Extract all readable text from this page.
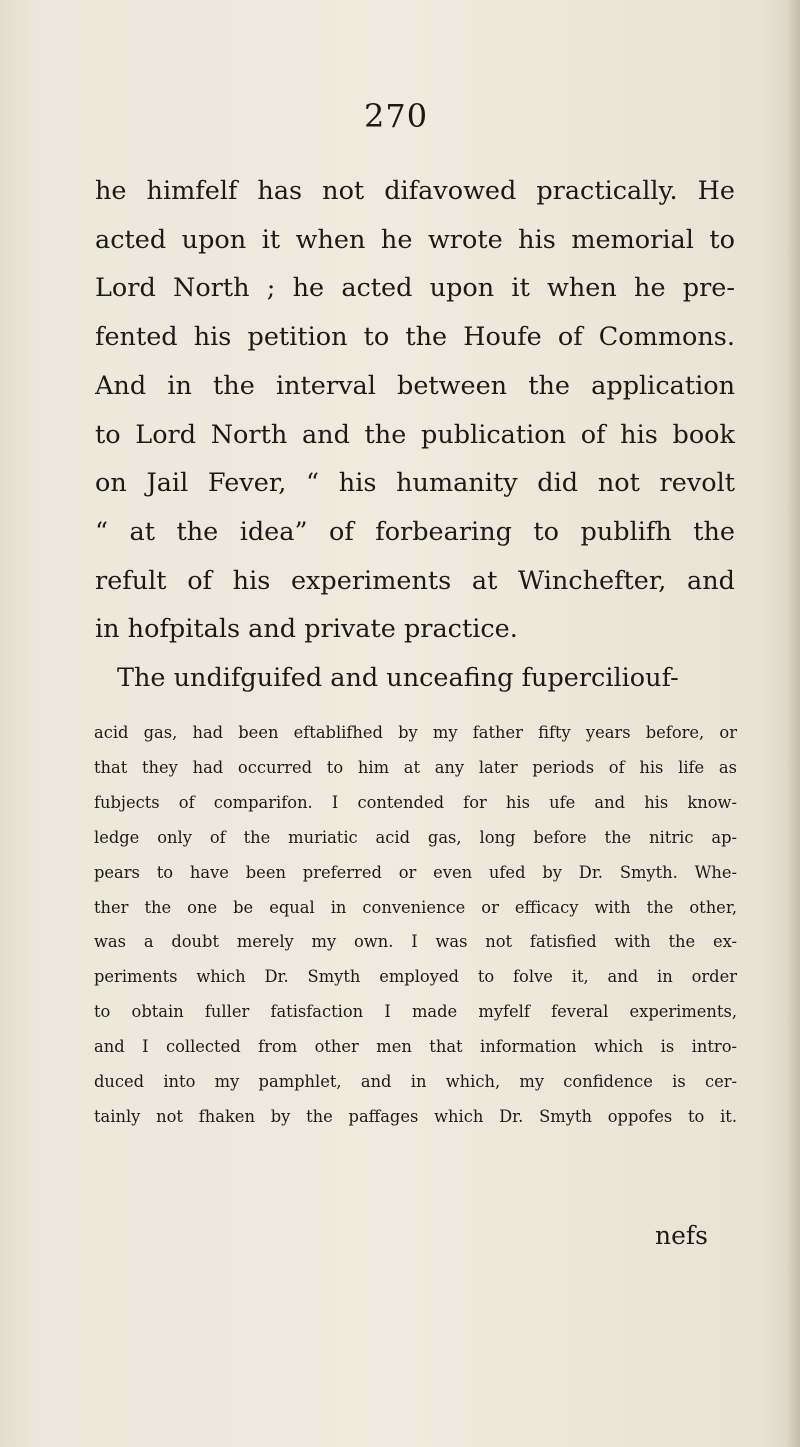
270
he himfelf has not difavowed practically. He
acted upon it when he wrote his memorial to
Lord North ; he acted upon it when he pre-
fented his petition to the Houfe of Commons.
And in the interval between the application
to Lord North and the publication of his book
on Jail Fever, “ his humanity did not revolt
“ at the idea” of forbearing to publifh the
refult of his experiments at Winchefter, and
in hofpitals and private practice.
The undifguifed and unceafing fuperciliouf-
acid gas, had been eftablifhed by my father fifty years before, or
that they had occurred to him at any later periods of his life as
fubjects of comparifon. I contended for his ufe and his know-
ledge only of the muriatic acid gas, long before the nitric ap-
pears to have been preferred or even ufed by Dr. Smyth. Whe-
ther the one be equal in convenience or efficacy with the other,
was a doubt merely my own. I was not fatisfied with the ex-
periments which Dr. Smyth employed to folve it, and in order
to obtain fuller fatisfaction I made myfelf feveral experiments,
and I collected from other men that information which is intro-
duced into my pamphlet, and in which, my confidence is cer-
tainly not fhaken by the paffages which Dr. Smyth oppofes to it.
nefs
